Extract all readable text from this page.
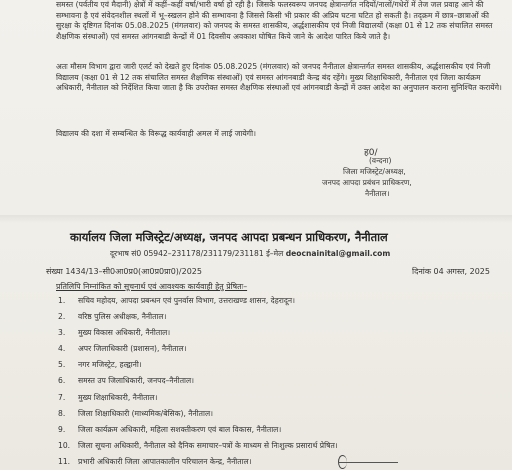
समस्त (पर्वतीय एवं मैदानी) क्षेत्रों में कहीं–कहीं वर्षा/भारी वर्षा हो रही है। जिसके फलस्वरूप जनपद क्षेत्रान्तर्गत नदियों/नालों/गधेरों में तेज जल प्रवाह आने की सम्भावना है एवं संवेदनशील स्थलों में भू–स्खलन होने की सम्भावना है जिससे किसी भी प्रकार की अप्रिय घटना घटित हो सकती है। तद्क्रम में छात्र–छात्राओं की सुरक्षा के दृष्टिगत दिनांक 05.08.2025 (मंगलवार) को जनपद के समस्त शासकीय, अर्द्धशासकीय एवं निजी विद्यालयों (कक्षा 01 से 12 तक संचालित समस्त शैक्षणिक संस्थाओं) एवं समस्त आंगनबाडी केन्द्रों में 01 दिवसीय अवकाश घोषित किये जाने के आदेश पारित किये जाते है।

अतः मौसम विभाग द्वारा जारी एलर्ट को देखते हुए दिनांक 05.08.2025 (मंगलवार) को जनपद नैनीताल क्षेत्रान्तर्गत समस्त शासकीय, अर्द्धशासकीय एवं निजी विद्यालय (कक्षा 01 से 12 तक संचालित समस्त शैक्षणिक संस्थाओं) एवं समस्त आंगनबाडी केन्द्र बंद रहेंगे। मुख्य शिक्षाधिकारी, नैनीताल एवं जिला कार्यक्रम अधिकारी, नैनीताल को निर्देशित किया जाता है कि उपरोक्त समस्त शैक्षणिक संस्थाओं एवं आंगनबाडी केन्द्रों में उक्त आदेश का अनुपालन कराना सुनिश्चित करायेंगे।

विद्यालय की दशा में सम्बन्धित के विरूद्ध कार्यवाही अमल में लाई जायेगी।

ह0/
(वन्दना)
जिला मजिस्ट्रेट/अध्यक्ष,
जनपद आपदा प्रबंधन प्राधिकरण,
नैनीताल।
कार्यालय जिला मजिस्ट्रेट/अध्यक्ष, जनपद आपदा प्रबन्धन प्राधिकरण, नैनीताल
दूरभाष सं0 05942–231178/231179/231181 ई–मेल deocnainital@gmail.com
संख्या 1434/13–सी0आ0प्र0(आ0प्र0प्रा0)/2025	दिनांक 04 अगस्त, 2025
प्रतिलिपि निम्नांकित को सूचनार्थ एवं आवश्यक कार्यवाही हेतु प्रेषितः–
1. सचिव महोदय, आपदा प्रबन्धन एवं पुनर्वास विभाग, उत्तराखण्ड शासन, देहरादून।
2. वरिष्ठ पुलिस अधीक्षक, नैनीताल।
3. मुख्य विकास अधिकारी, नैनीताल।
4. अपर जिलाधिकारी (प्रशासन), नैनीताल।
5. नगर मजिस्ट्रेट, हल्द्वानी।
6. समस्त उप जिलाधिकारी, जनपद–नैनीताल।
7. मुख्य शिक्षाधिकारी, नैनीताल।
8. जिला शिक्षाधिकारी (माध्यमिक/बेसिक), नैनीताल।
9. जिला कार्यक्रम अधिकारी, महिला सशक्तीकरण एवं बाल विकास, नैनीताल।
10. जिला सूचना अधिकारी, नैनीताल को दैनिक समाचार–पत्रों के माध्यम से निःशुल्क प्रसारार्थ प्रेषित।
11. प्रभारी अधिकारी जिला आपातकालीन परिचालन केन्द्र, नैनीताल।
